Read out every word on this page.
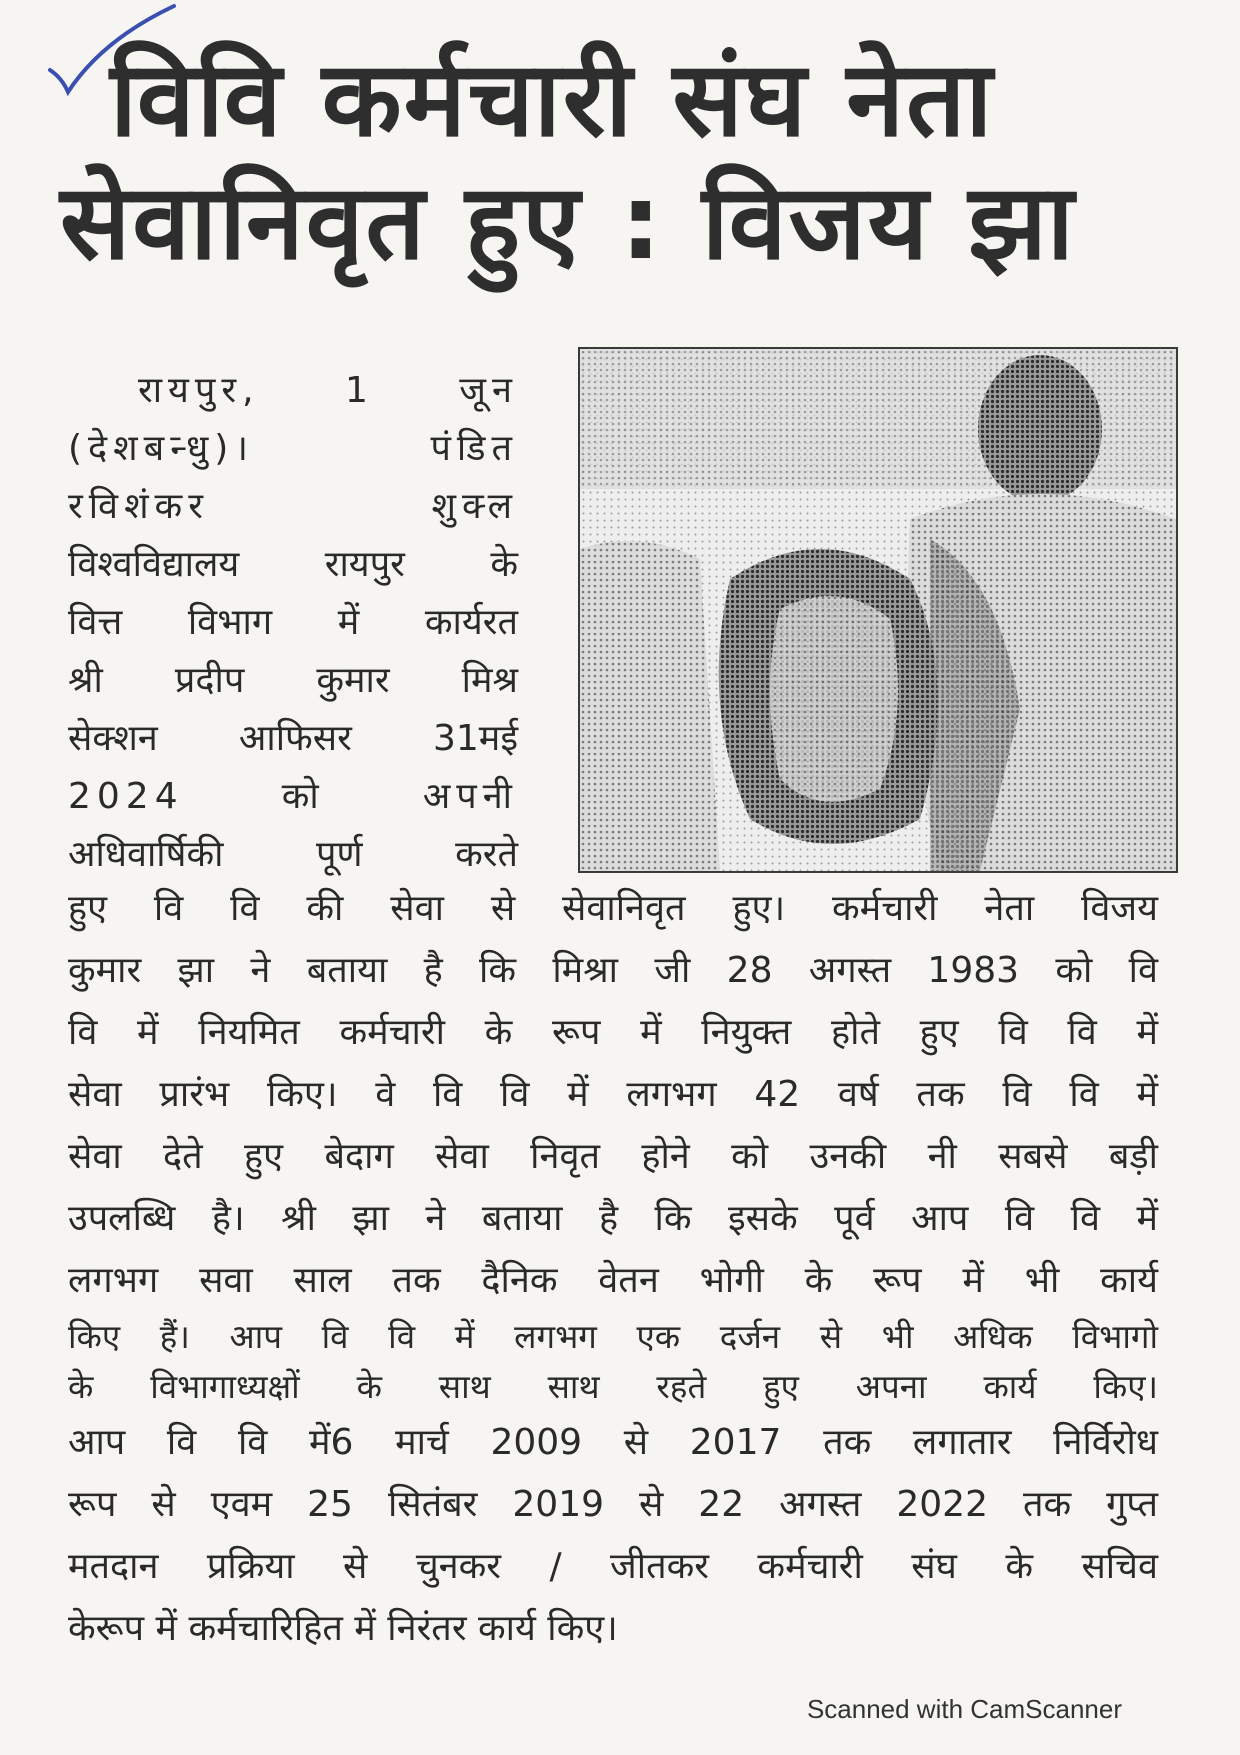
विवि कर्मचारी संघ नेता
सेवानिवृत हुए : विजय झा
रायपुर, 1 जून
(देशबन्धु)। पंडित
रविशंकर शुक्ल
विश्वविद्यालय रायपुर के
वित्त विभाग में कार्यरत
श्री प्रदीप कुमार मिश्र
सेक्शन आफिसर 31मई
2024 को अपनी
अधिवार्षिकी पूर्ण करते
हुए वि वि की सेवा से सेवानिवृत हुए। कर्मचारी नेता विजय
कुमार झा ने बताया है कि मिश्रा जी 28 अगस्त 1983 को वि
वि में नियमित कर्मचारी के रूप में नियुक्त होते हुए वि वि में
सेवा प्रारंभ किए। वे वि वि में लगभग 42 वर्ष तक वि वि में
सेवा देते हुए बेदाग सेवा निवृत होने को उनकी नी सबसे बड़ी
उपलब्धि है। श्री झा ने बताया है कि इसके पूर्व आप वि वि में
लगभग सवा साल तक दैनिक वेतन भोगी के रूप में भी कार्य
किए हैं। आप वि वि में लगभग एक दर्जन से भी अधिक विभागो
के विभागाध्यक्षों के साथ साथ रहते हुए अपना कार्य किए।
आप वि वि में6 मार्च 2009 से 2017 तक लगातार निर्विरोध
रूप से एवम 25 सितंबर 2019 से 22 अगस्त 2022 तक गुप्त
मतदान प्रक्रिया से चुनकर / जीतकर कर्मचारी संघ के सचिव
केरूप में कर्मचारिहित में निरंतर कार्य किए।
Scanned with CamScanner
